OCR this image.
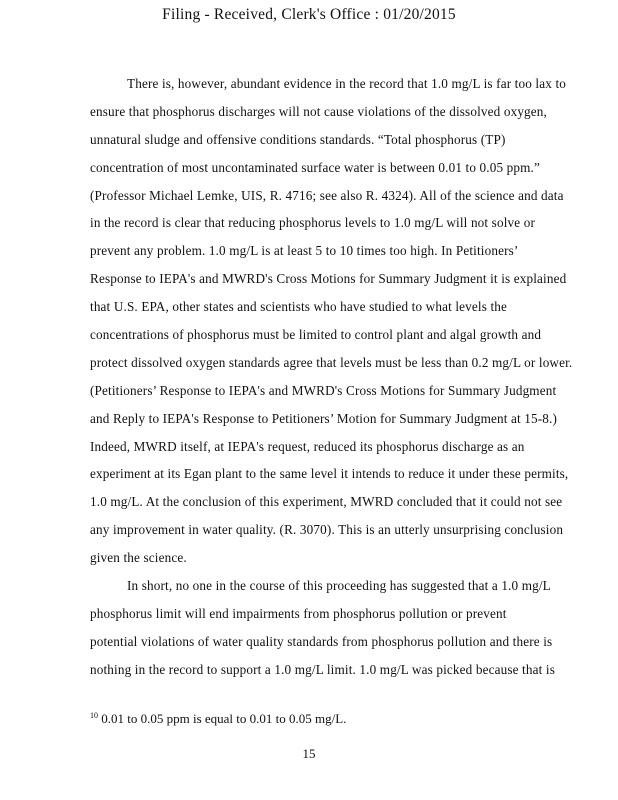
Filing - Received, Clerk's Office : 01/20/2015
There is, however, abundant evidence in the record that 1.0 mg/L is far too lax to
ensure that phosphorus discharges will not cause violations of the dissolved oxygen,
unnatural sludge and offensive conditions standards. “Total phosphorus (TP)
concentration of most uncontaminated surface water is between 0.01 to 0.05 ppm.”
(Professor Michael Lemke, UIS, R. 4716; see also R. 4324). All of the science and data
in the record is clear that reducing phosphorus levels to 1.0 mg/L will not solve or
prevent any problem. 1.0 mg/L is at least 5 to 10 times too high. In Petitioners’
Response to IEPA's and MWRD's Cross Motions for Summary Judgment it is explained
that U.S. EPA, other states and scientists who have studied to what levels the
concentrations of phosphorus must be limited to control plant and algal growth and
protect dissolved oxygen standards agree that levels must be less than 0.2 mg/L or lower.
(Petitioners’ Response to IEPA's and MWRD's Cross Motions for Summary Judgment
and Reply to IEPA's Response to Petitioners’ Motion for Summary Judgment at 15-8.)
Indeed, MWRD itself, at IEPA's request, reduced its phosphorus discharge as an
experiment at its Egan plant to the same level it intends to reduce it under these permits,
1.0 mg/L. At the conclusion of this experiment, MWRD concluded that it could not see
any improvement in water quality. (R. 3070). This is an utterly unsurprising conclusion
given the science.
In short, no one in the course of this proceeding has suggested that a 1.0 mg/L
phosphorus limit will end impairments from phosphorus pollution or prevent
potential violations of water quality standards from phosphorus pollution and there is
nothing in the record to support a 1.0 mg/L limit. 1.0 mg/L was picked because that is
$^{10}$ 0.01 to 0.05 ppm is equal to 0.01 to 0.05 mg/L.
15
